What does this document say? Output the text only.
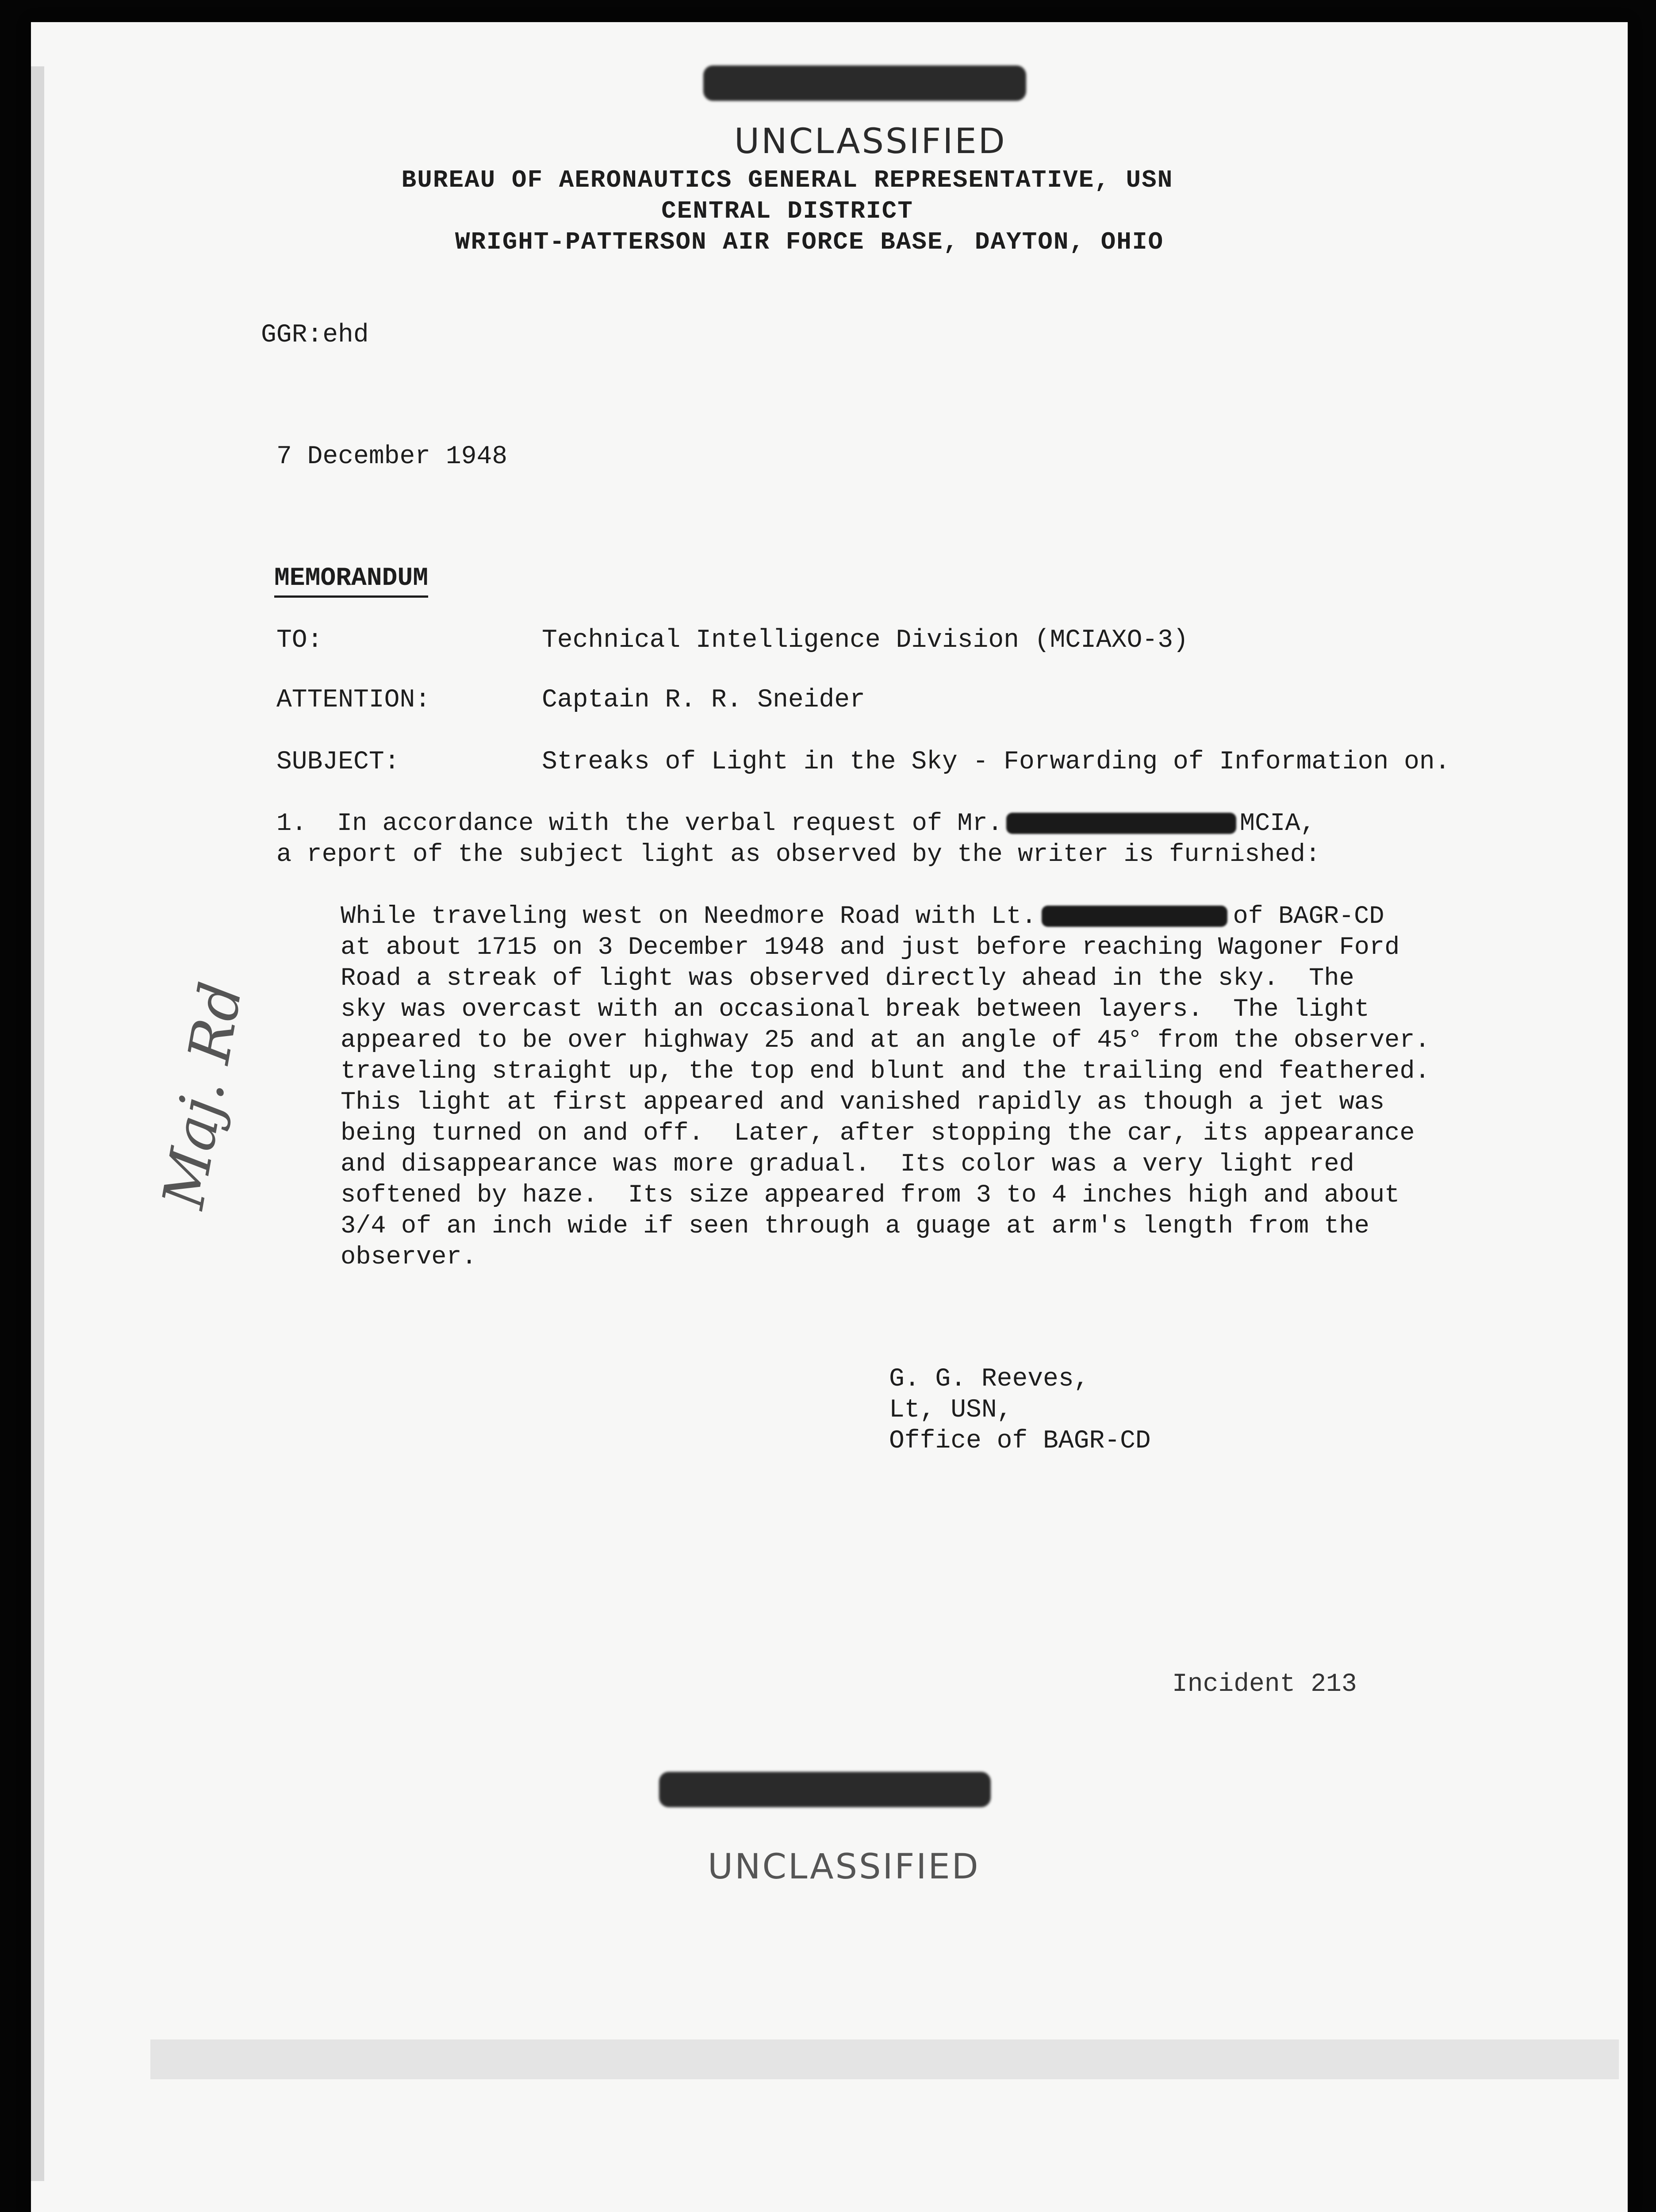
UNCLASSIFIED
BUREAU OF AERONAUTICS GENERAL REPRESENTATIVE, USN
CENTRAL DISTRICT
WRIGHT-PATTERSON AIR FORCE BASE, DAYTON, OHIO
GGR:ehd
7 December 1948
MEMORANDUM
TO:	Technical Intelligence Division (MCIAXO-3)
ATTENTION:	Captain R. R. Sneider
SUBJECT:	Streaks of Light in the Sky - Forwarding of Information on.
1.  In accordance with the verbal request of Mr.	MCIA,
a report of the subject light as observed by the writer is furnished:
While traveling west on Needmore Road with Lt.	of BAGR-CD
at about 1715 on 3 December 1948 and just before reaching Wagoner Ford
Road a streak of light was observed directly ahead in the sky.  The
sky was overcast with an occasional break between layers.  The light
appeared to be over highway 25 and at an angle of 45° from the observer.
traveling straight up, the top end blunt and the trailing end feathered.
This light at first appeared and vanished rapidly as though a jet was
being turned on and off.  Later, after stopping the car, its appearance
and disappearance was more gradual.  Its color was a very light red
softened by haze.  Its size appeared from 3 to 4 inches high and about
3/4 of an inch wide if seen through a guage at arm's length from the
observer.
G. G. Reeves,
Lt, USN,
Office of BAGR-CD
Incident 213
Maj. Rd
UNCLASSIFIED
